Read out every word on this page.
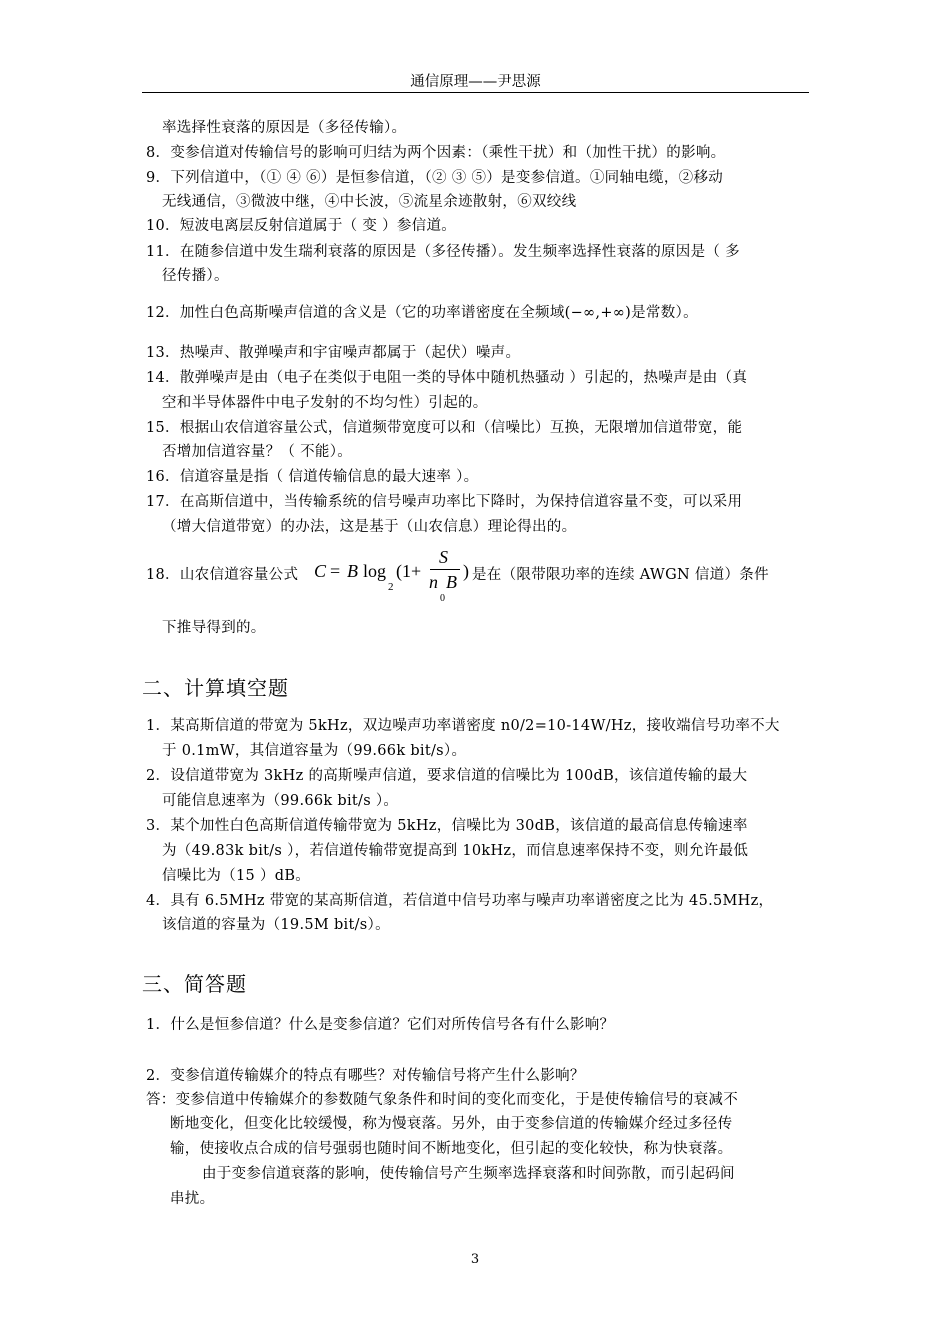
通信原理——尹思源
率选择性衰落的原因是（多径传输）。
8．变参信道对传输信号的影响可归结为两个因素：（乘性干扰）和（加性干扰）的影响。
9．下列信道中，（① ④ ⑥）是恒参信道，（② ③ ⑤）是变参信道。①同轴电缆，②移动
无线通信，③微波中继，④中长波，⑤流星余迹散射，⑥双绞线
10．短波电离层反射信道属于（ 变 ）参信道。
11．在随参信道中发生瑞利衰落的原因是（多径传播）。发生频率选择性衰落的原因是（ 多
径传播）。
12．加性白色高斯噪声信道的含义是（它的功率谱密度在全频域(−∞,+∞)是常数）。
13．热噪声、散弹噪声和宇宙噪声都属于（起伏）噪声。
14．散弹噪声是由（电子在类似于电阻一类的导体中随机热骚动 ）引起的，热噪声是由（真
空和半导体器件中电子发射的不均匀性）引起的。
15．根据山农信道容量公式，信道频带宽度可以和（信噪比）互换，无限增加信道带宽，能
否增加信道容量？（ 不能）。
16．信道容量是指（ 信道传输信息的最大速率 ）。
17．在高斯信道中，当传输系统的信号噪声功率比下降时，为保持信道容量不变，可以采用
（增大信道带宽）的办法，这是基于（山农信息）理论得出的。
18．山农信道容量公式 C = B log
2
(1+
S
n
0
B
) 是在（限带限功率的连续 AWGN 信道）条件
下推导得到的。
二、计算填空题
1．某高斯信道的带宽为 5kHz，双边噪声功率谱密度 n0/2=10-14W/Hz，接收端信号功率不大
于 0.1mW，其信道容量为（99.66k bit/s）。
2．设信道带宽为 3kHz 的高斯噪声信道，要求信道的信噪比为 100dB，该信道传输的最大
可能信息速率为（99.66k bit/s ）。
3．某个加性白色高斯信道传输带宽为 5kHz，信噪比为 30dB，该信道的最高信息传输速率
为（49.83k bit/s ），若信道传输带宽提高到 10kHz，而信息速率保持不变，则允许最低
信噪比为（15 ）dB。
4．具有 6.5MHz 带宽的某高斯信道，若信道中信号功率与噪声功率谱密度之比为 45.5MHz，
该信道的容量为（19.5M bit/s）。
三、简答题
1．什么是恒参信道？什么是变参信道？它们对所传信号各有什么影响？
2．变参信道传输媒介的特点有哪些？对传输信号将产生什么影响？
答：变参信道中传输媒介的参数随气象条件和时间的变化而变化，于是使传输信号的衰减不
断地变化，但变化比较缓慢，称为慢衰落。另外，由于变参信道的传输媒介经过多径传
输，使接收点合成的信号强弱也随时间不断地变化，但引起的变化较快，称为快衰落。
由于变参信道衰落的影响，使传输信号产生频率选择衰落和时间弥散，而引起码间
串扰。
3
